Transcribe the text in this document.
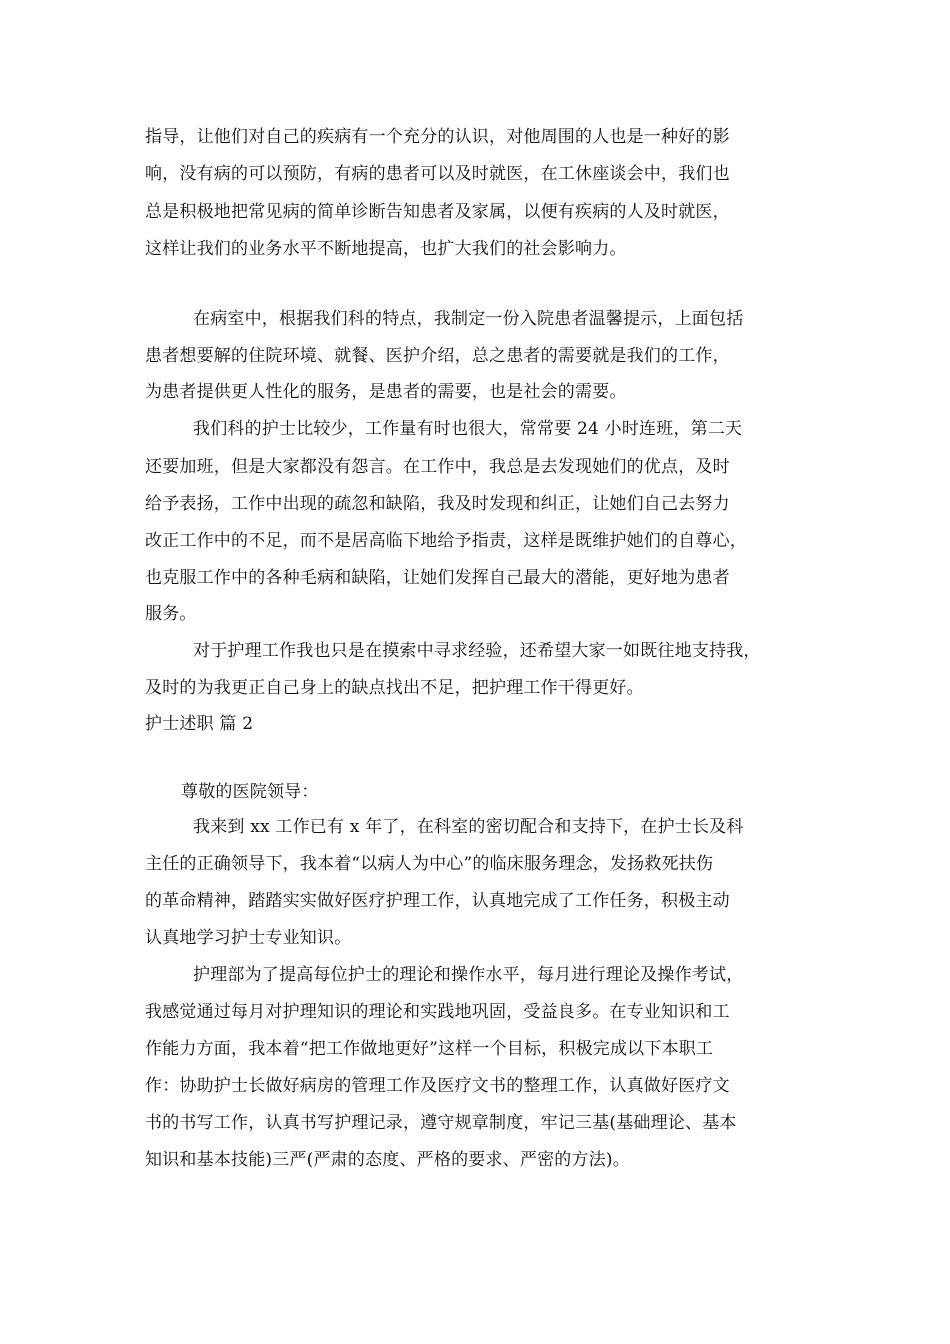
指导，让他们对自己的疾病有一个充分的认识，对他周围的人也是一种好的影
响，没有病的可以预防，有病的患者可以及时就医，在工休座谈会中，我们也
总是积极地把常见病的简单诊断告知患者及家属，以便有疾病的人及时就医，
这样让我们的业务水平不断地提高，也扩大我们的社会影响力。
在病室中，根据我们科的特点，我制定一份入院患者温馨提示，上面包括
患者想要解的住院环境、就餐、医护介绍，总之患者的需要就是我们的工作，
为患者提供更人性化的服务，是患者的需要，也是社会的需要。
我们科的护士比较少，工作量有时也很大，常常要 24 小时连班，第二天
还要加班，但是大家都没有怨言。在工作中，我总是去发现她们的优点，及时
给予表扬，工作中出现的疏忽和缺陷，我及时发现和纠正，让她们自己去努力
改正工作中的不足，而不是居高临下地给予指责，这样是既维护她们的自尊心，
也克服工作中的各种毛病和缺陷，让她们发挥自己最大的潜能，更好地为患者
服务。
对于护理工作我也只是在摸索中寻求经验，还希望大家一如既往地支持我，
及时的为我更正自己身上的缺点找出不足，把护理工作干得更好。
护士述职 篇 2
尊敬的医院领导：
我来到 xx 工作已有 x 年了，在科室的密切配合和支持下，在护士长及科
主任的正确领导下，我本着“以病人为中心”的临床服务理念，发扬救死扶伤
的革命精神，踏踏实实做好医疗护理工作，认真地完成了工作任务，积极主动
认真地学习护士专业知识。
护理部为了提高每位护士的理论和操作水平，每月进行理论及操作考试，
我感觉通过每月对护理知识的理论和实践地巩固，受益良多。在专业知识和工
作能力方面，我本着“把工作做地更好”这样一个目标，积极完成以下本职工
作：协助护士长做好病房的管理工作及医疗文书的整理工作，认真做好医疗文
书的书写工作，认真书写护理记录，遵守规章制度，牢记三基(基础理论、基本
知识和基本技能)三严(严肃的态度、严格的要求、严密的方法)。
